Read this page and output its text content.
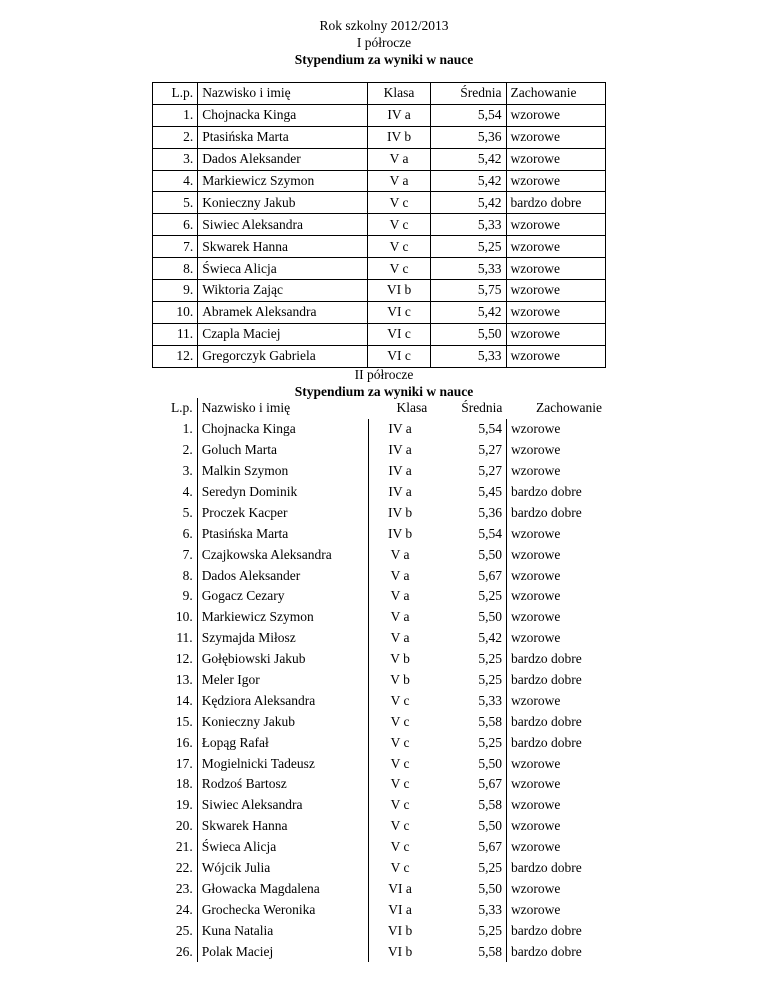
Rok szkolny 2012/2013
I półrocze
Stypendium za wyniki w nauce
L.p.	Nazwisko i imię	Klasa	Średnia	Zachowanie
1.	Chojnacka Kinga	IV a	5,54	wzorowe
2.	Ptasińska Marta	IV b	5,36	wzorowe
3.	Dados Aleksander	V a	5,42	wzorowe
4.	Markiewicz Szymon	V a	5,42	wzorowe
5.	Konieczny Jakub	V c	5,42	bardzo dobre
6.	Siwiec Aleksandra	V c	5,33	wzorowe
7.	Skwarek Hanna	V c	5,25	wzorowe
8.	Świeca Alicja	V c	5,33	wzorowe
9.	Wiktoria Zając	VI b	5,75	wzorowe
10.	Abramek Aleksandra	VI c	5,42	wzorowe
11.	Czapla Maciej	VI c	5,50	wzorowe
12.	Gregorczyk Gabriela	VI c	5,33	wzorowe
II półrocze
Stypendium za wyniki w nauce
L.p.	Nazwisko i imię	Klasa	Średnia	Zachowanie
1.	Chojnacka Kinga	IV a	5,54	wzorowe
2.	Goluch Marta	IV a	5,27	wzorowe
3.	Malkin Szymon	IV a	5,27	wzorowe
4.	Seredyn Dominik	IV a	5,45	bardzo dobre
5.	Proczek Kacper	IV b	5,36	bardzo dobre
6.	Ptasińska Marta	IV b	5,54	wzorowe
7.	Czajkowska Aleksandra	V a	5,50	wzorowe
8.	Dados Aleksander	V a	5,67	wzorowe
9.	Gogacz Cezary	V a	5,25	wzorowe
10.	Markiewicz Szymon	V a	5,50	wzorowe
11.	Szymajda Miłosz	V a	5,42	wzorowe
12.	Gołębiowski Jakub	V b	5,25	bardzo dobre
13.	Meler Igor	V b	5,25	bardzo dobre
14.	Kędziora Aleksandra	V c	5,33	wzorowe
15.	Konieczny Jakub	V c	5,58	bardzo dobre
16.	Łopąg Rafał	V c	5,25	bardzo dobre
17.	Mogielnicki Tadeusz	V c	5,50	wzorowe
18.	Rodzoś Bartosz	V c	5,67	wzorowe
19.	Siwiec Aleksandra	V c	5,58	wzorowe
20.	Skwarek Hanna	V c	5,50	wzorowe
21.	Świeca Alicja	V c	5,67	wzorowe
22.	Wójcik Julia	V c	5,25	bardzo dobre
23.	Głowacka Magdalena	VI a	5,50	wzorowe
24.	Grochecka Weronika	VI a	5,33	wzorowe
25.	Kuna Natalia	VI b	5,25	bardzo dobre
26.	Polak Maciej	VI b	5,58	bardzo dobre
